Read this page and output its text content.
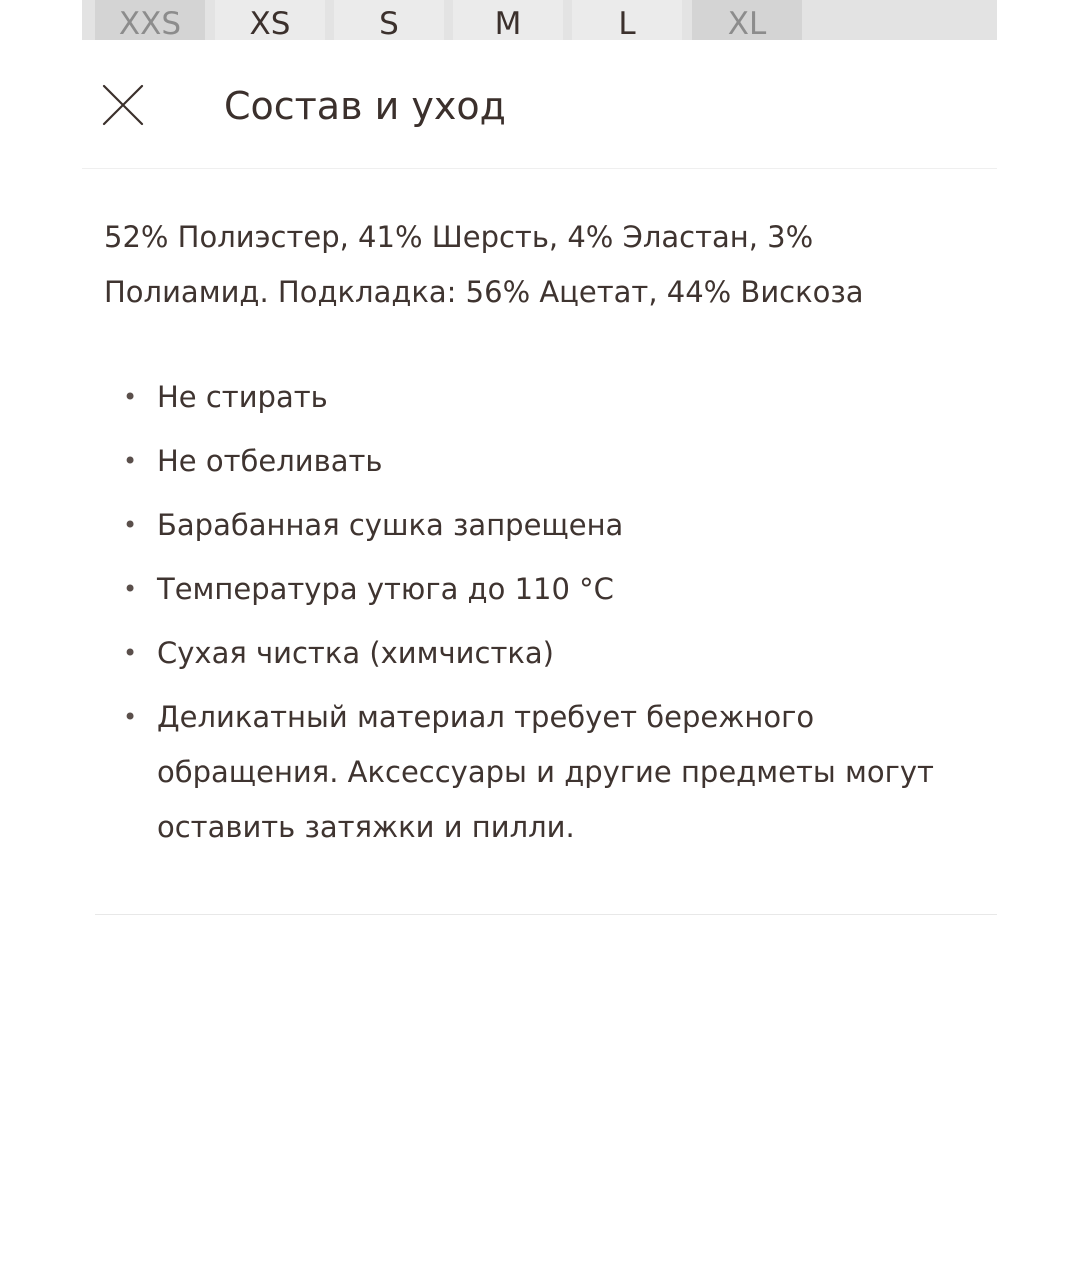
XXS	XS	S	M	L	XL
Состав и уход

52% Полиэстер, 41% Шерсть, 4% Эластан, 3% Полиамид. Подкладка: 56% Ацетат, 44% Вискоза

• Не стирать
• Не отбеливать
• Барабанная сушка запрещена
• Температура утюга до 110 °C
• Сухая чистка (химчистка)
• Деликатный материал требует бережного обращения. Аксессуары и другие предметы могут оставить затяжки и пилли.
